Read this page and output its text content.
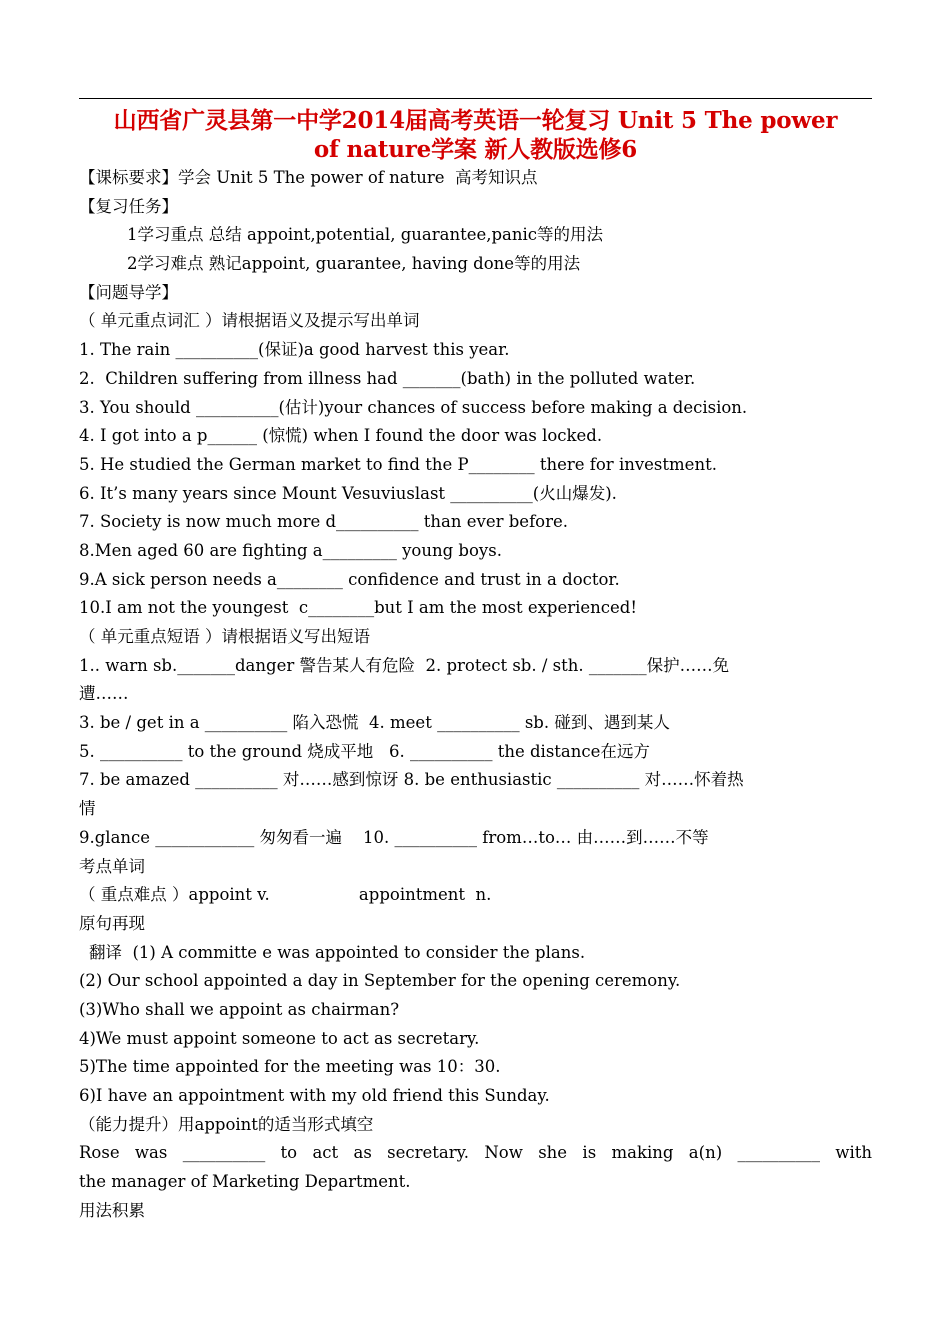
山西省广灵县第一中学2014届高考英语一轮复习 Unit 5 The power
of nature学案 新人教版选修6
【课标要求】学会 Unit 5 The power of nature  高考知识点
【复习任务】
1学习重点 总结 appoint,potential, guarantee,panic等的用法
2学习难点 熟记appoint, guarantee, having done等的用法
【问题导学】
（ 单元重点词汇 ）请根据语义及提示写出单词
1. The rain __________(保证)a good harvest this year.
2.  Children suffering from illness had _______(bath) in the polluted water.
3. You should __________(估计)your chances of success before making a decision.
4. I got into a p______ (惊慌) when I found the door was locked.
5. He studied the German market to find the P________ there for investment.
6. It’s many years since Mount Vesuviuslast __________(火山爆发).
7. Society is now much more d__________ than ever before.
8.Men aged 60 are fighting a_________ young boys.
9.A sick person needs a________ confidence and trust in a doctor.
10.I am not the youngest  c________but I am the most experienced!
（ 单元重点短语 ）请根据语义写出短语
1.. warn sb._______danger 警告某人有危险  2. protect sb. / sth. _______保护……免
遭……
3. be / get in a __________ 陷入恐慌  4. meet __________ sb. 碰到、遇到某人
5. __________ to the ground 烧成平地   6. __________ the distance在远方
7. be amazed __________ 对……感到惊讶 8. be enthusiastic __________ 对……怀着热
情
9.glance ____________ 匆匆看一遍    10. __________ from…to… 由……到……不等
考点单词
（ 重点难点 ）appoint v.                 appointment  n.
原句再现
翻译  (1) A committe e was appointed to consider the plans.
(2) Our school appointed a day in September for the opening ceremony.
(3)Who shall we appoint as chairman?
4)We must appoint someone to act as secretary.
5)The time appointed for the meeting was 10：30.
6)I have an appointment with my old friend this Sunday.
（能力提升）用appoint的适当形式填空
Rose was __________ to act as secretary. Now she is making a(n) __________ with
the manager of Marketing Department.
用法积累
